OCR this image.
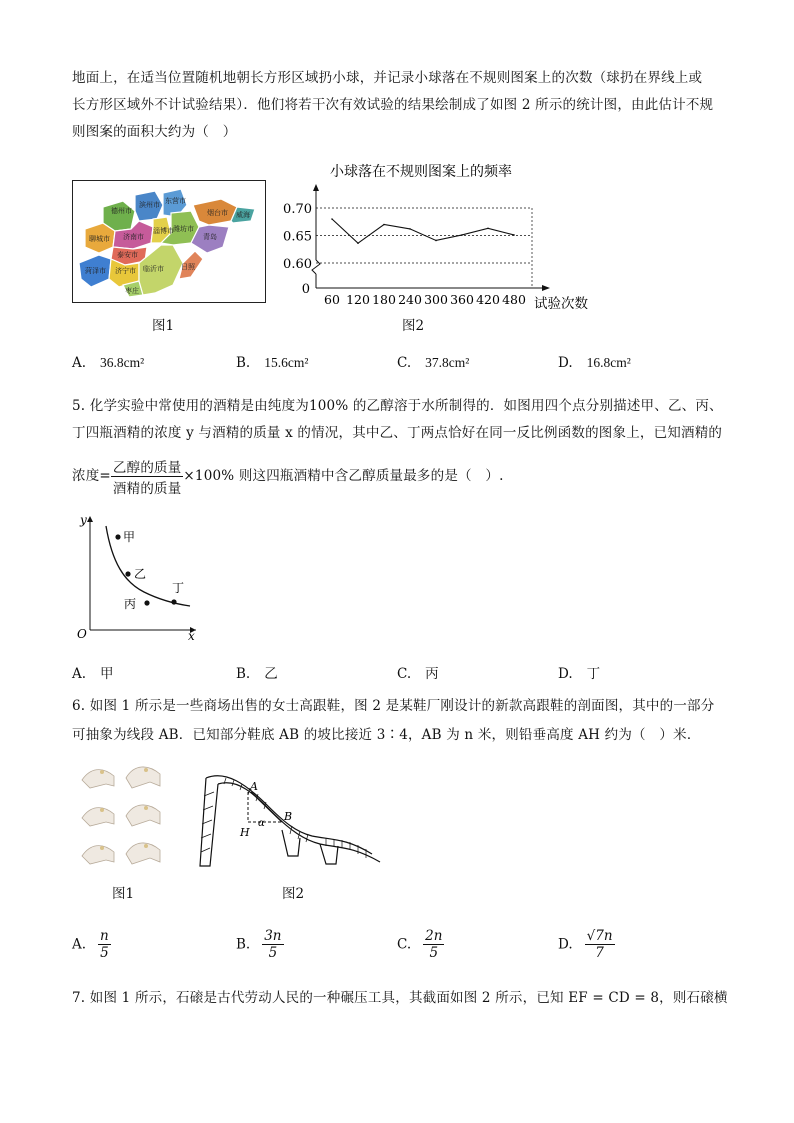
地面上，在适当位置随机地朝长方形区域扔小球，并记录小球落在不规则图案上的次数（球扔在界线上或
长方形区域外不计试验结果）．他们将若干次有效试验的结果绘制成了如图 2 所示的统计图，由此估计不规
则图案的面积大约为（　）
聊城市
德州市
滨州市 东营市
济南市
淄博市 潍坊市
烟台市 威海
青岛
泰安市
菏泽市 济宁市 临沂市
枣庄
日照
图1
小球落在不规则图案上的频率
0.70
0.65
0.60
0
60 120 180 240 300 360 420 480 试验次数
图2
A. 36.8cm²	B. 15.6cm²	C. 37.8cm²	D. 16.8cm²
5. 化学实验中常使用的酒精是由纯度为100% 的乙醇溶于水所制得的．如图用四个点分别描述甲、乙、丙、
丁四瓶酒精的浓度 y 与酒精的质量 x 的情况，其中乙、丁两点恰好在同一反比例函数的图象上，已知酒精的
浓度= $\frac{\text{乙醇的质量}}{\text{酒精的质量}} \times 100\%$ 则这四瓶酒精中含乙醇质量最多的是（　）.
y
x
O
甲
乙
丙
丁
A. 甲	B. 乙	C. 丙	D. 丁
6. 如图 1 所示是一些商场出售的女士高跟鞋，图 2 是某鞋厂刚设计的新款高跟鞋的剖面图，其中的一部分
可抽象为线段 AB．已知部分鞋底 AB 的坡比接近 3∶4，AB 为 n 米，则铅垂高度 AH 约为（　）米．
图1
A
B
H
α
图2
A. $\frac{n}{5}$	B. $\frac{3n}{5}$	C. $\frac{2n}{5}$	D. $\frac{√7n}{7}$
7. 如图 1 所示，石磙是古代劳动人民的一种碾压工具，其截面如图 2 所示，已知 EF = CD = 8，则石磙横
